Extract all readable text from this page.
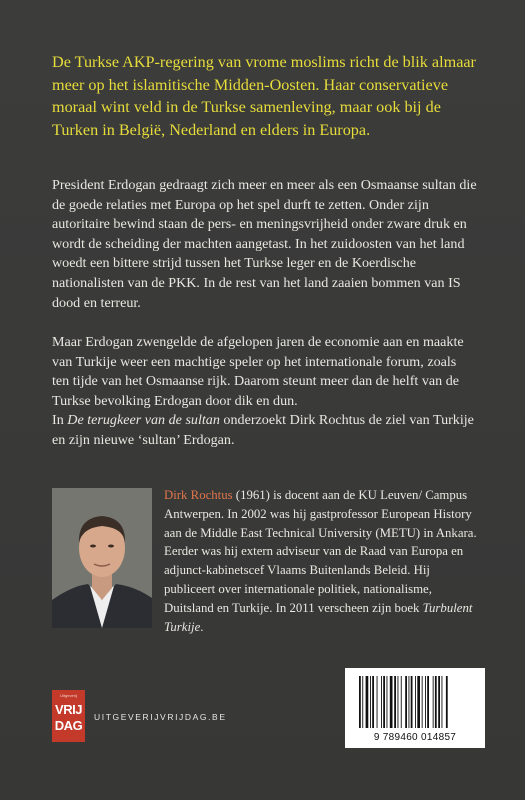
De Turkse AKP-regering van vrome moslims richt de blik almaar meer op het islamitische Midden-Oosten. Haar conservatieve moraal wint veld in de Turkse samenleving, maar ook bij de Turken in België, Nederland en elders in Europa.

President Erdogan gedraagt zich meer en meer als een Osmaanse sultan die de goede relaties met Europa op het spel durft te zetten. Onder zijn autoritaire bewind staan de pers- en meningsvrijheid onder zware druk en wordt de scheiding der machten aangetast. In het zuidoosten van het land woedt een bittere strijd tussen het Turkse leger en de Koerdische nationalisten van de PKK. In de rest van het land zaaien bommen van IS dood en terreur.

Maar Erdogan zwengelde de afgelopen jaren de economie aan en maakte van Turkije weer een machtige speler op het internationale forum, zoals ten tijde van het Osmaanse rijk. Daarom steunt meer dan de helft van de Turkse bevolking Erdogan door dik en dun.
In De terugkeer van de sultan onderzoekt Dirk Rochtus de ziel van Turkije en zijn nieuwe ‘sultan’ Erdogan.

Dirk Rochtus (1961) is docent aan de KU Leuven/ Campus Antwerpen. In 2002 was hij gastprofessor European History aan de Middle East Technical University (METU) in Ankara. Eerder was hij extern adviseur van de Raad van Europa en adjunct-kabinetscef Vlaams Buitenlands Beleid. Hij publiceert over internationale politiek, nationalisme, Duitsland en Turkije. In 2011 verscheen zijn boek Turbulent Turkije.

Uitgeverij
VRIJ
DAG
UITGEVERIJVRIJDAG.BE
9 789460 014857
